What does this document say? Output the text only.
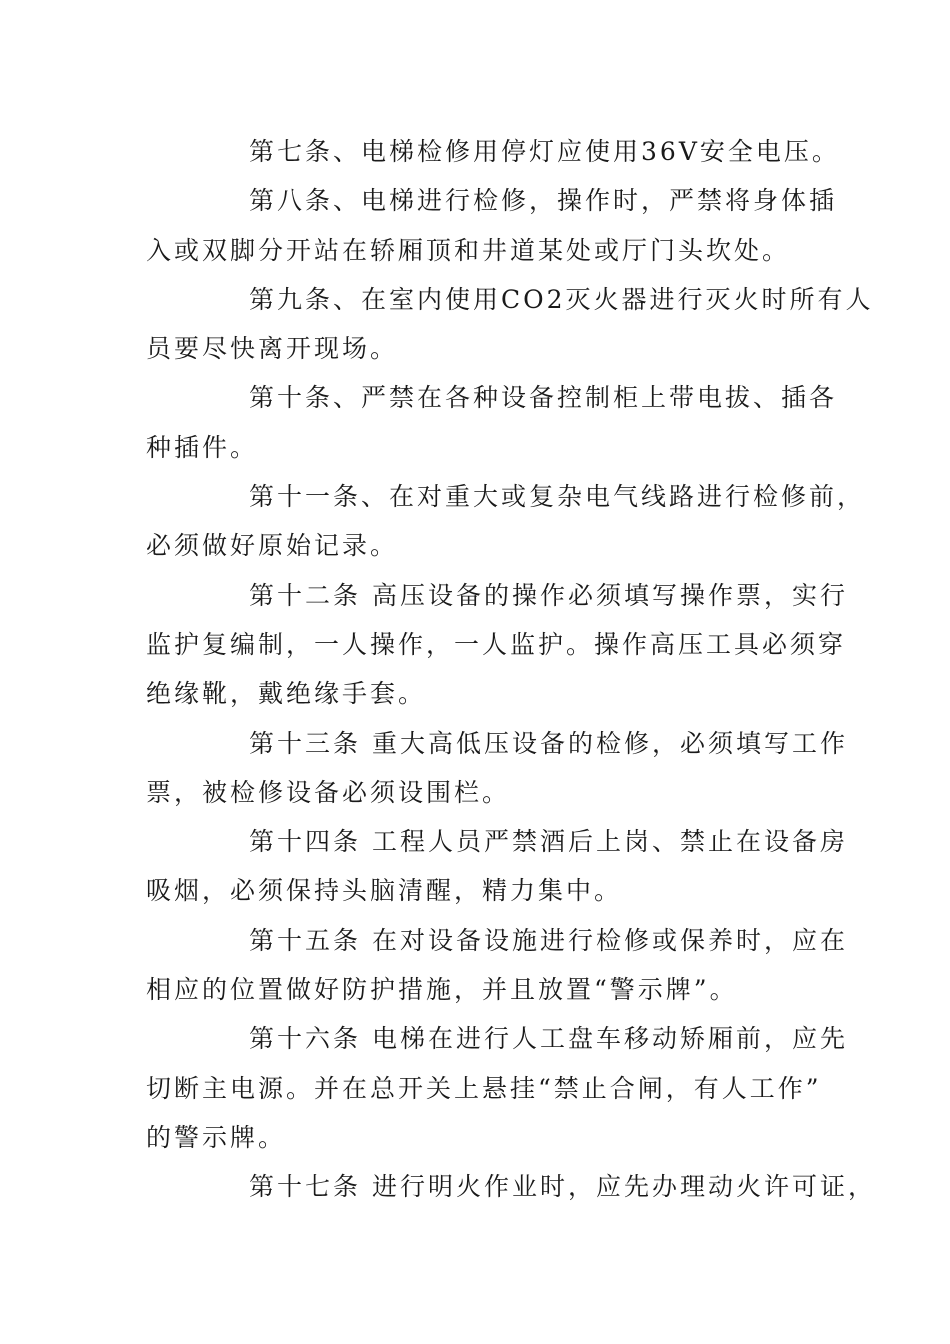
第七条、电梯检修用停灯应使用36V安全电压。
第八条、电梯进行检修，操作时，严禁将身体插
入或双脚分开站在轿厢顶和井道某处或厅门头坎处。
第九条、在室内使用CO2灭火器进行灭火时所有人
员要尽快离开现场。
第十条、严禁在各种设备控制柜上带电拔、插各
种插件。
第十一条、在对重大或复杂电气线路进行检修前，
必须做好原始记录。
第十二条 高压设备的操作必须填写操作票，实行
监护复编制，一人操作，一人监护。操作高压工具必须穿
绝缘靴，戴绝缘手套。
第十三条 重大高低压设备的检修，必须填写工作
票，被检修设备必须设围栏。
第十四条 工程人员严禁酒后上岗、禁止在设备房
吸烟，必须保持头脑清醒，精力集中。
第十五条 在对设备设施进行检修或保养时，应在
相应的位置做好防护措施，并且放置“警示牌”。
第十六条 电梯在进行人工盘车移动矫厢前，应先
切断主电源。并在总开关上悬挂“禁止合闸，有人工作”
的警示牌。
第十七条 进行明火作业时，应先办理动火许可证，
